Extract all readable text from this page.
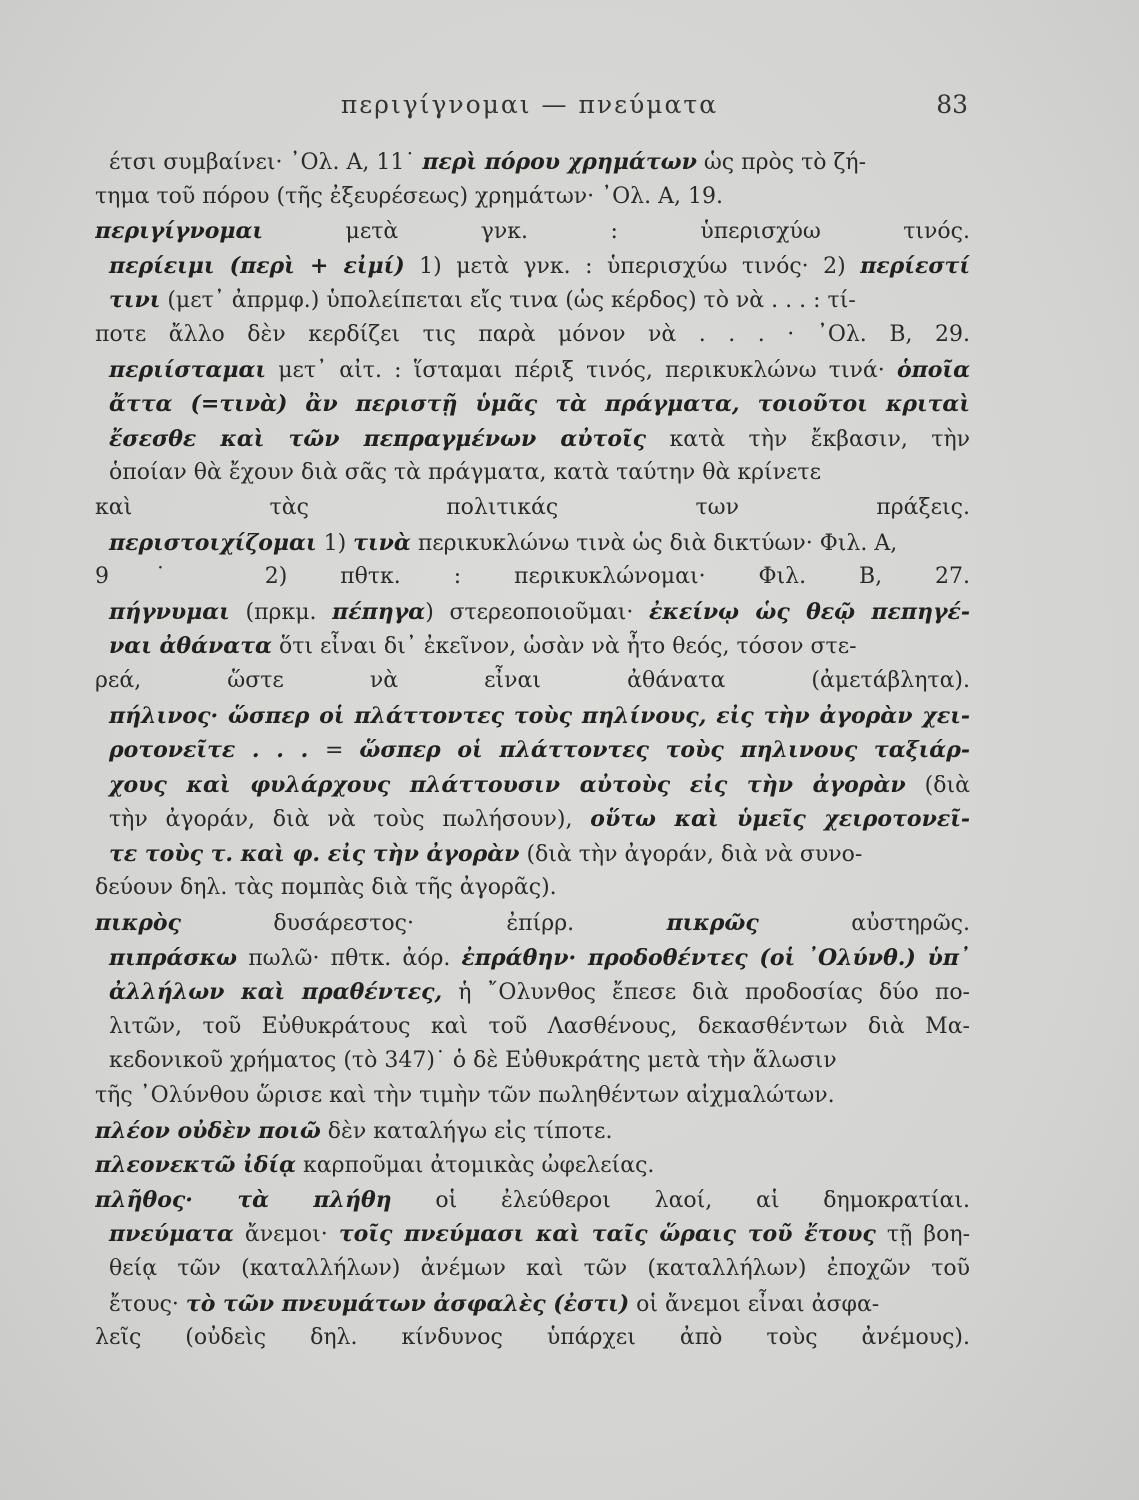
περιγίγνομαι — πνεύματα	83
έτσι συμβαίνει· ᾿Ολ. Α, 11˙ περὶ πόρου χρημάτων ὡς πρὸς τὸ ζή-
τημα τοῦ πόρου (τῆς ἐξευρέσεως) χρημάτων· ᾿Ολ. Α, 19.
περιγίγνομαι μετὰ γνκ. : ὑπερισχύω τινός.
περίειμι (περὶ + εἰμί) 1) μετὰ γνκ. : ὑπερισχύω τινός· 2) περίεστί
τινι (μετ᾿ ἀπρμφ.) ὑπολείπεται εἴς τινα (ὡς κέρδος) τὸ νὰ . . . : τί-
ποτε ἄλλο δὲν κερδίζει τις παρὰ μόνον νὰ . . . · ᾿Ολ. Β, 29.
περιίσταμαι μετ᾿ αἰτ. : ἵσταμαι πέριξ τινός, περικυκλώνω τινά· ὁποῖα
ἄττα (=τινὰ) ἂν περιστῇ ὑμᾶς τὰ πράγματα, τοιοῦτοι κριταὶ
ἔσεσθε καὶ τῶν πεπραγμένων αὐτοῖς κατὰ τὴν ἔκβασιν, τὴν
ὁποίαν θὰ ἔχουν διὰ σᾶς τὰ πράγματα, κατὰ ταύτην θὰ κρίνετε
καὶ τὰς πολιτικάς των πράξεις.
περιστοιχίζομαι 1) τινὰ περικυκλώνω τινὰ ὡς διὰ δικτύων· Φιλ. Α,
9˙ 2) πθτκ. : περικυκλώνομαι· Φιλ. Β, 27.
πήγνυμαι (πρκμ. πέπηγα) στερεοποιοῦμαι· ἐκείνῳ ὡς θεῷ πεπηγέ-
ναι ἀθάνατα ὅτι εἶναι δι᾿ ἐκεῖνον, ὡσὰν νὰ ἦτο θεός, τόσον στε-
ρεά, ὥστε νὰ εἶναι ἀθάνατα (ἀμετάβλητα).
πήλινος· ὥσπερ οἱ πλάττοντες τοὺς πηλίνους, εἰς τὴν ἀγορὰν χει-
ροτονεῖτε . . . = ὥσπερ οἱ πλάττοντες τοὺς πηλινους ταξιάρ-
χους καὶ φυλάρχους πλάττουσιν αὐτοὺς εἰς τὴν ἀγορὰν (διὰ
τὴν ἀγοράν, διὰ νὰ τοὺς πωλήσουν), οὕτω καὶ ὑμεῖς χειροτονεῖ-
τε τοὺς τ. καὶ φ. εἰς τὴν ἀγορὰν (διὰ τὴν ἀγοράν, διὰ νὰ συνο-
δεύουν δηλ. τὰς πομπὰς διὰ τῆς ἀγορᾶς).
πικρὸς δυσάρεστος· ἐπίρρ. πικρῶς αὐστηρῶς.
πιπράσκω πωλῶ· πθτκ. ἀόρ. ἐπράθην· προδοθέντες (οἱ ᾿Ολύνθ.) ὑπ᾿
ἀλλήλων καὶ πραθέντες, ἡ ῎Ολυνθος ἔπεσε διὰ προδοσίας δύο πο-
λιτῶν, τοῦ Εὐθυκράτους καὶ τοῦ Λασθένους, δεκασθέντων διὰ Μα-
κεδονικοῦ χρήματος (τὸ 347)˙ ὁ δὲ Εὐθυκράτης μετὰ τὴν ἅλωσιν
τῆς ᾿Ολύνθου ὥρισε καὶ τὴν τιμὴν τῶν πωληθέντων αἰχμαλώτων.
πλέον οὐδὲν ποιῶ δὲν καταλήγω εἰς τίποτε.
πλεονεκτῶ ἰδίᾳ καρποῦμαι ἀτομικὰς ὠφελείας.
πλῆθος· τὰ πλήθη οἱ ἐλεύθεροι λαοί, αἱ δημοκρατίαι.
πνεύματα ἄνεμοι· τοῖς πνεύμασι καὶ ταῖς ὥραις τοῦ ἔτους τῇ βοη-
θείᾳ τῶν (καταλλήλων) ἀνέμων καὶ τῶν (καταλλήλων) ἐποχῶν τοῦ
ἔτους· τὸ τῶν πνευμάτων ἀσφαλὲς (ἐστι) οἱ ἄνεμοι εἶναι ἀσφα-
λεῖς (οὐδεὶς δηλ. κίνδυνος ὑπάρχει ἀπὸ τοὺς ἀνέμους).
